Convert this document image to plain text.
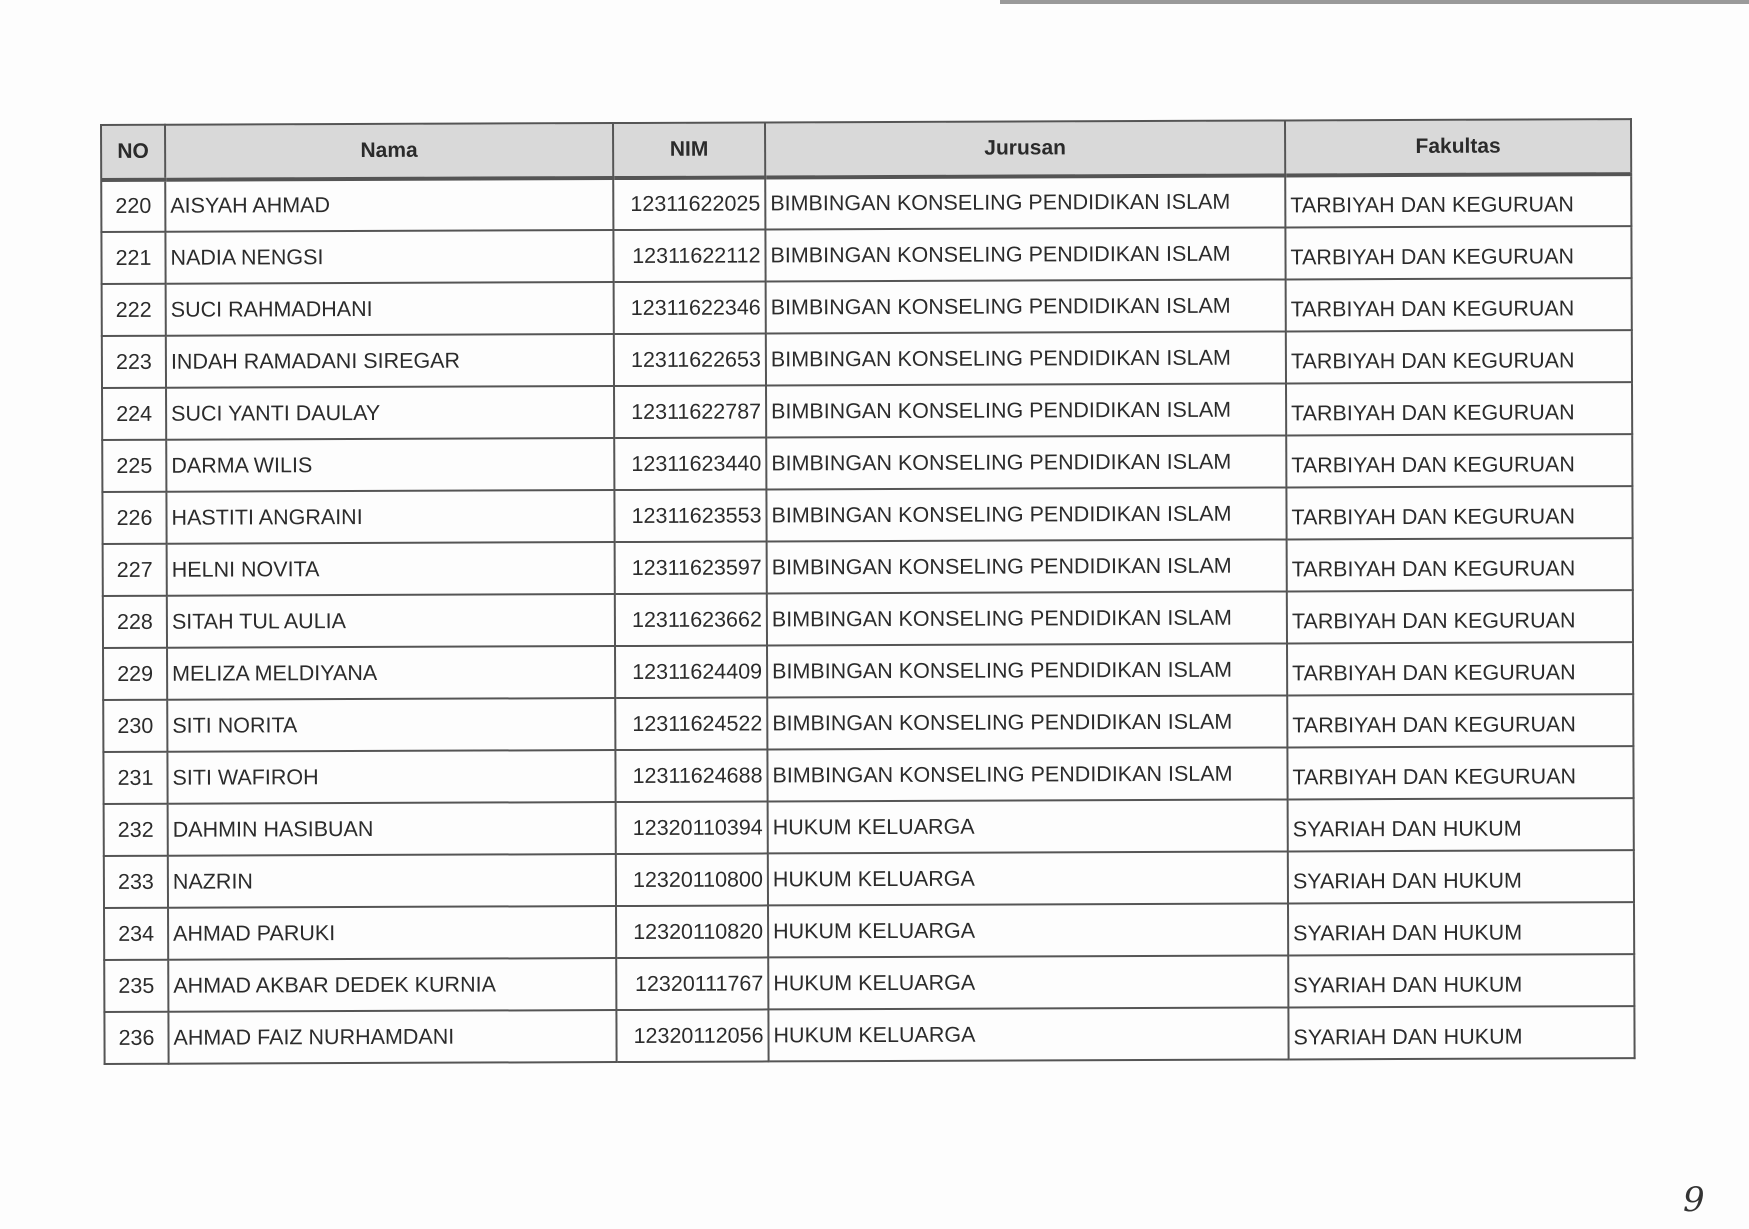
NO	Nama	NIM	Jurusan	Fakultas
220	AISYAH AHMAD	12311622025	BIMBINGAN KONSELING PENDIDIKAN ISLAM	TARBIYAH DAN KEGURUAN
221	NADIA NENGSI	12311622112	BIMBINGAN KONSELING PENDIDIKAN ISLAM	TARBIYAH DAN KEGURUAN
222	SUCI RAHMADHANI	12311622346	BIMBINGAN KONSELING PENDIDIKAN ISLAM	TARBIYAH DAN KEGURUAN
223	INDAH RAMADANI SIREGAR	12311622653	BIMBINGAN KONSELING PENDIDIKAN ISLAM	TARBIYAH DAN KEGURUAN
224	SUCI YANTI DAULAY	12311622787	BIMBINGAN KONSELING PENDIDIKAN ISLAM	TARBIYAH DAN KEGURUAN
225	DARMA WILIS	12311623440	BIMBINGAN KONSELING PENDIDIKAN ISLAM	TARBIYAH DAN KEGURUAN
226	HASTITI ANGRAINI	12311623553	BIMBINGAN KONSELING PENDIDIKAN ISLAM	TARBIYAH DAN KEGURUAN
227	HELNI NOVITA	12311623597	BIMBINGAN KONSELING PENDIDIKAN ISLAM	TARBIYAH DAN KEGURUAN
228	SITAH TUL AULIA	12311623662	BIMBINGAN KONSELING PENDIDIKAN ISLAM	TARBIYAH DAN KEGURUAN
229	MELIZA MELDIYANA	12311624409	BIMBINGAN KONSELING PENDIDIKAN ISLAM	TARBIYAH DAN KEGURUAN
230	SITI NORITA	12311624522	BIMBINGAN KONSELING PENDIDIKAN ISLAM	TARBIYAH DAN KEGURUAN
231	SITI WAFIROH	12311624688	BIMBINGAN KONSELING PENDIDIKAN ISLAM	TARBIYAH DAN KEGURUAN
232	DAHMIN HASIBUAN	12320110394	HUKUM KELUARGA	SYARIAH DAN HUKUM
233	NAZRIN	12320110800	HUKUM KELUARGA	SYARIAH DAN HUKUM
234	AHMAD PARUKI	12320110820	HUKUM KELUARGA	SYARIAH DAN HUKUM
235	AHMAD AKBAR DEDEK KURNIA	12320111767	HUKUM KELUARGA	SYARIAH DAN HUKUM
236	AHMAD FAIZ NURHAMDANI	12320112056	HUKUM KELUARGA	SYARIAH DAN HUKUM
9
